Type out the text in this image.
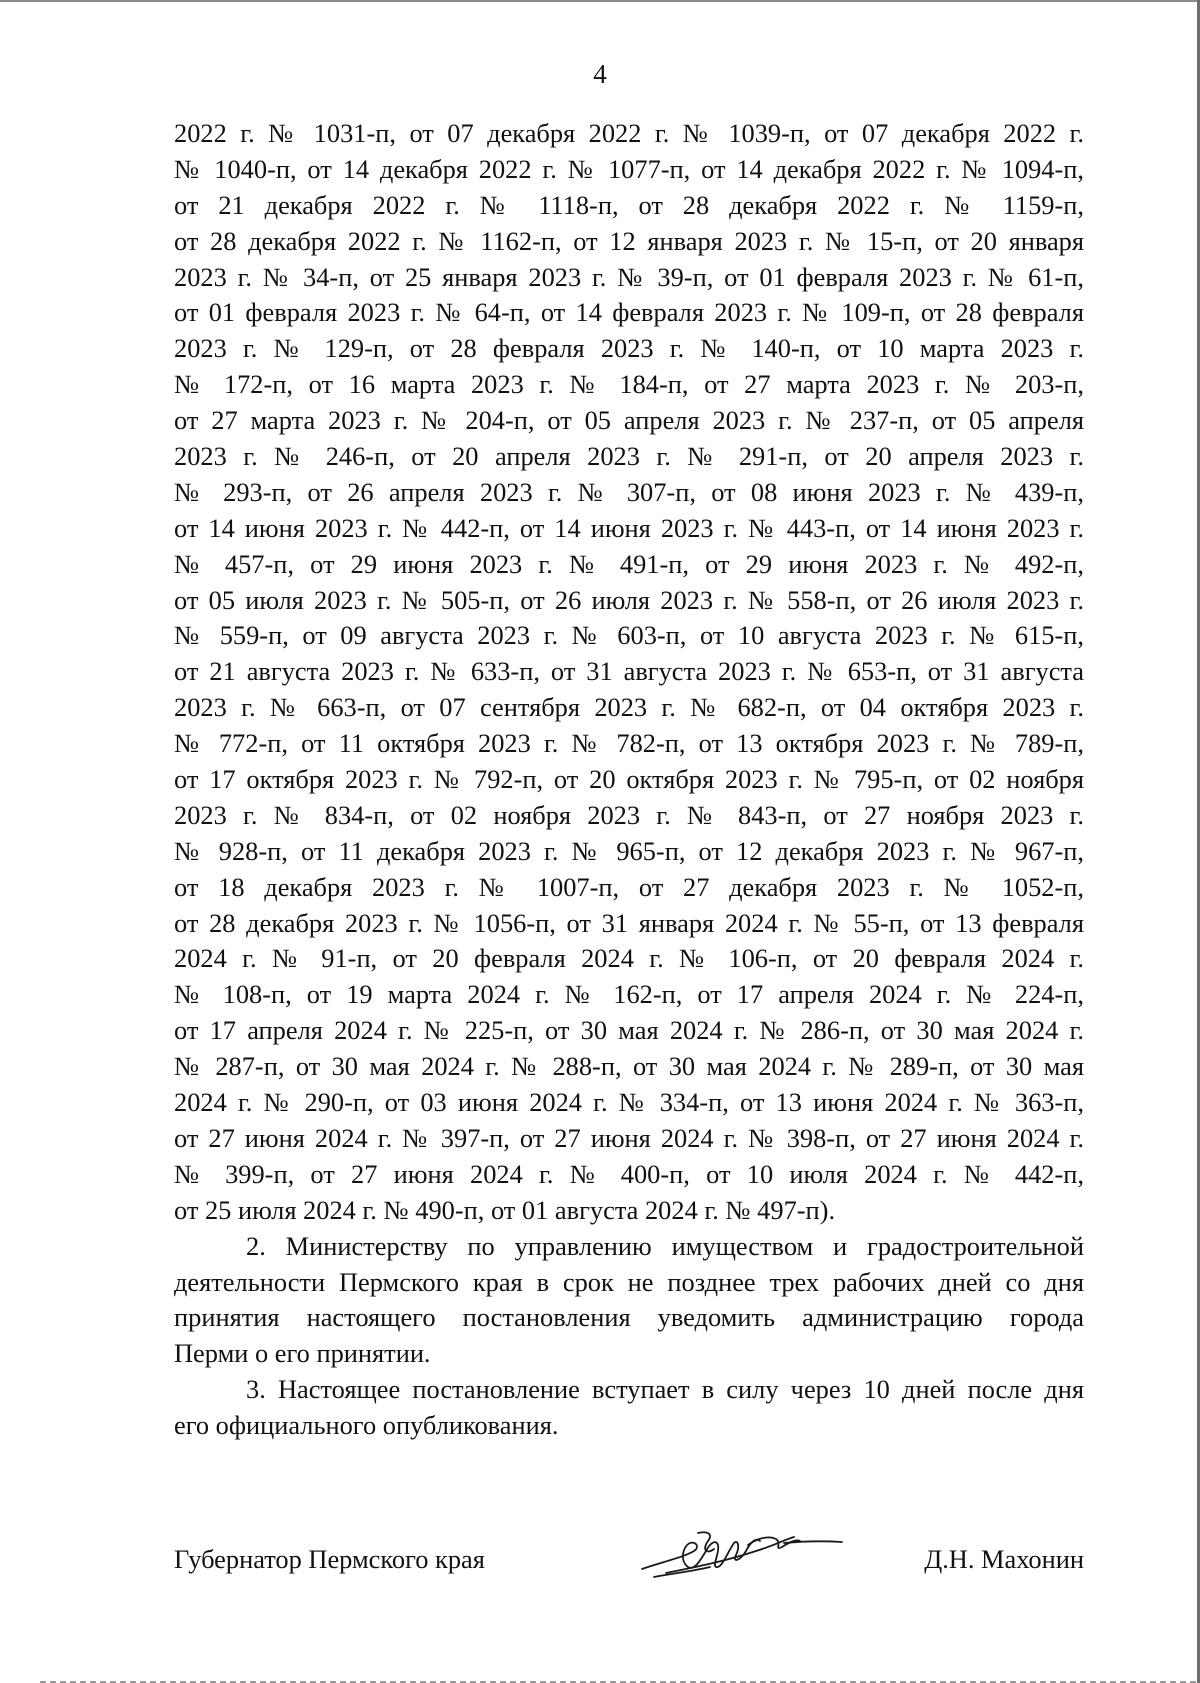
4
2022 г. № 1031-п, от 07 декабря 2022 г. № 1039-п, от 07 декабря 2022 г.
№ 1040-п, от 14 декабря 2022 г. № 1077-п, от 14 декабря 2022 г. № 1094-п,
от 21 декабря 2022 г. № 1118-п, от 28 декабря 2022 г. № 1159-п,
от 28 декабря 2022 г. № 1162-п, от 12 января 2023 г. № 15-п, от 20 января
2023 г. № 34-п, от 25 января 2023 г. № 39-п, от 01 февраля 2023 г. № 61-п,
от 01 февраля 2023 г. № 64-п, от 14 февраля 2023 г. № 109-п, от 28 февраля
2023 г. № 129-п, от 28 февраля 2023 г. № 140-п, от 10 марта 2023 г.
№ 172-п, от 16 марта 2023 г. № 184-п, от 27 марта 2023 г. № 203-п,
от 27 марта 2023 г. № 204-п, от 05 апреля 2023 г. № 237-п, от 05 апреля
2023 г. № 246-п, от 20 апреля 2023 г. № 291-п, от 20 апреля 2023 г.
№ 293-п, от 26 апреля 2023 г. № 307-п, от 08 июня 2023 г. № 439-п,
от 14 июня 2023 г. № 442-п, от 14 июня 2023 г. № 443-п, от 14 июня 2023 г.
№ 457-п, от 29 июня 2023 г. № 491-п, от 29 июня 2023 г. № 492-п,
от 05 июля 2023 г. № 505-п, от 26 июля 2023 г. № 558-п, от 26 июля 2023 г.
№ 559-п, от 09 августа 2023 г. № 603-п, от 10 августа 2023 г. № 615-п,
от 21 августа 2023 г. № 633-п, от 31 августа 2023 г. № 653-п, от 31 августа
2023 г. № 663-п, от 07 сентября 2023 г. № 682-п, от 04 октября 2023 г.
№ 772-п, от 11 октября 2023 г. № 782-п, от 13 октября 2023 г. № 789-п,
от 17 октября 2023 г. № 792-п, от 20 октября 2023 г. № 795-п, от 02 ноября
2023 г. № 834-п, от 02 ноября 2023 г. № 843-п, от 27 ноября 2023 г.
№ 928-п, от 11 декабря 2023 г. № 965-п, от 12 декабря 2023 г. № 967-п,
от 18 декабря 2023 г. № 1007-п, от 27 декабря 2023 г. № 1052-п,
от 28 декабря 2023 г. № 1056-п, от 31 января 2024 г. № 55-п, от 13 февраля
2024 г. № 91-п, от 20 февраля 2024 г. № 106-п, от 20 февраля 2024 г.
№ 108-п, от 19 марта 2024 г. № 162-п, от 17 апреля 2024 г. № 224-п,
от 17 апреля 2024 г. № 225-п, от 30 мая 2024 г. № 286-п, от 30 мая 2024 г.
№ 287-п, от 30 мая 2024 г. № 288-п, от 30 мая 2024 г. № 289-п, от 30 мая
2024 г. № 290-п, от 03 июня 2024 г. № 334-п, от 13 июня 2024 г. № 363-п,
от 27 июня 2024 г. № 397-п, от 27 июня 2024 г. № 398-п, от 27 июня 2024 г.
№ 399-п, от 27 июня 2024 г. № 400-п, от 10 июля 2024 г. № 442-п,
от 25 июля 2024 г. № 490-п, от 01 августа 2024 г. № 497-п).
2. Министерству по управлению имуществом и градостроительной
деятельности Пермского края в срок не позднее трех рабочих дней со дня
принятия настоящего постановления уведомить администрацию города
Перми о его принятии.
3. Настоящее постановление вступает в силу через 10 дней после дня
его официального опубликования.
Губернатор Пермского края	Д.Н. Махонин
